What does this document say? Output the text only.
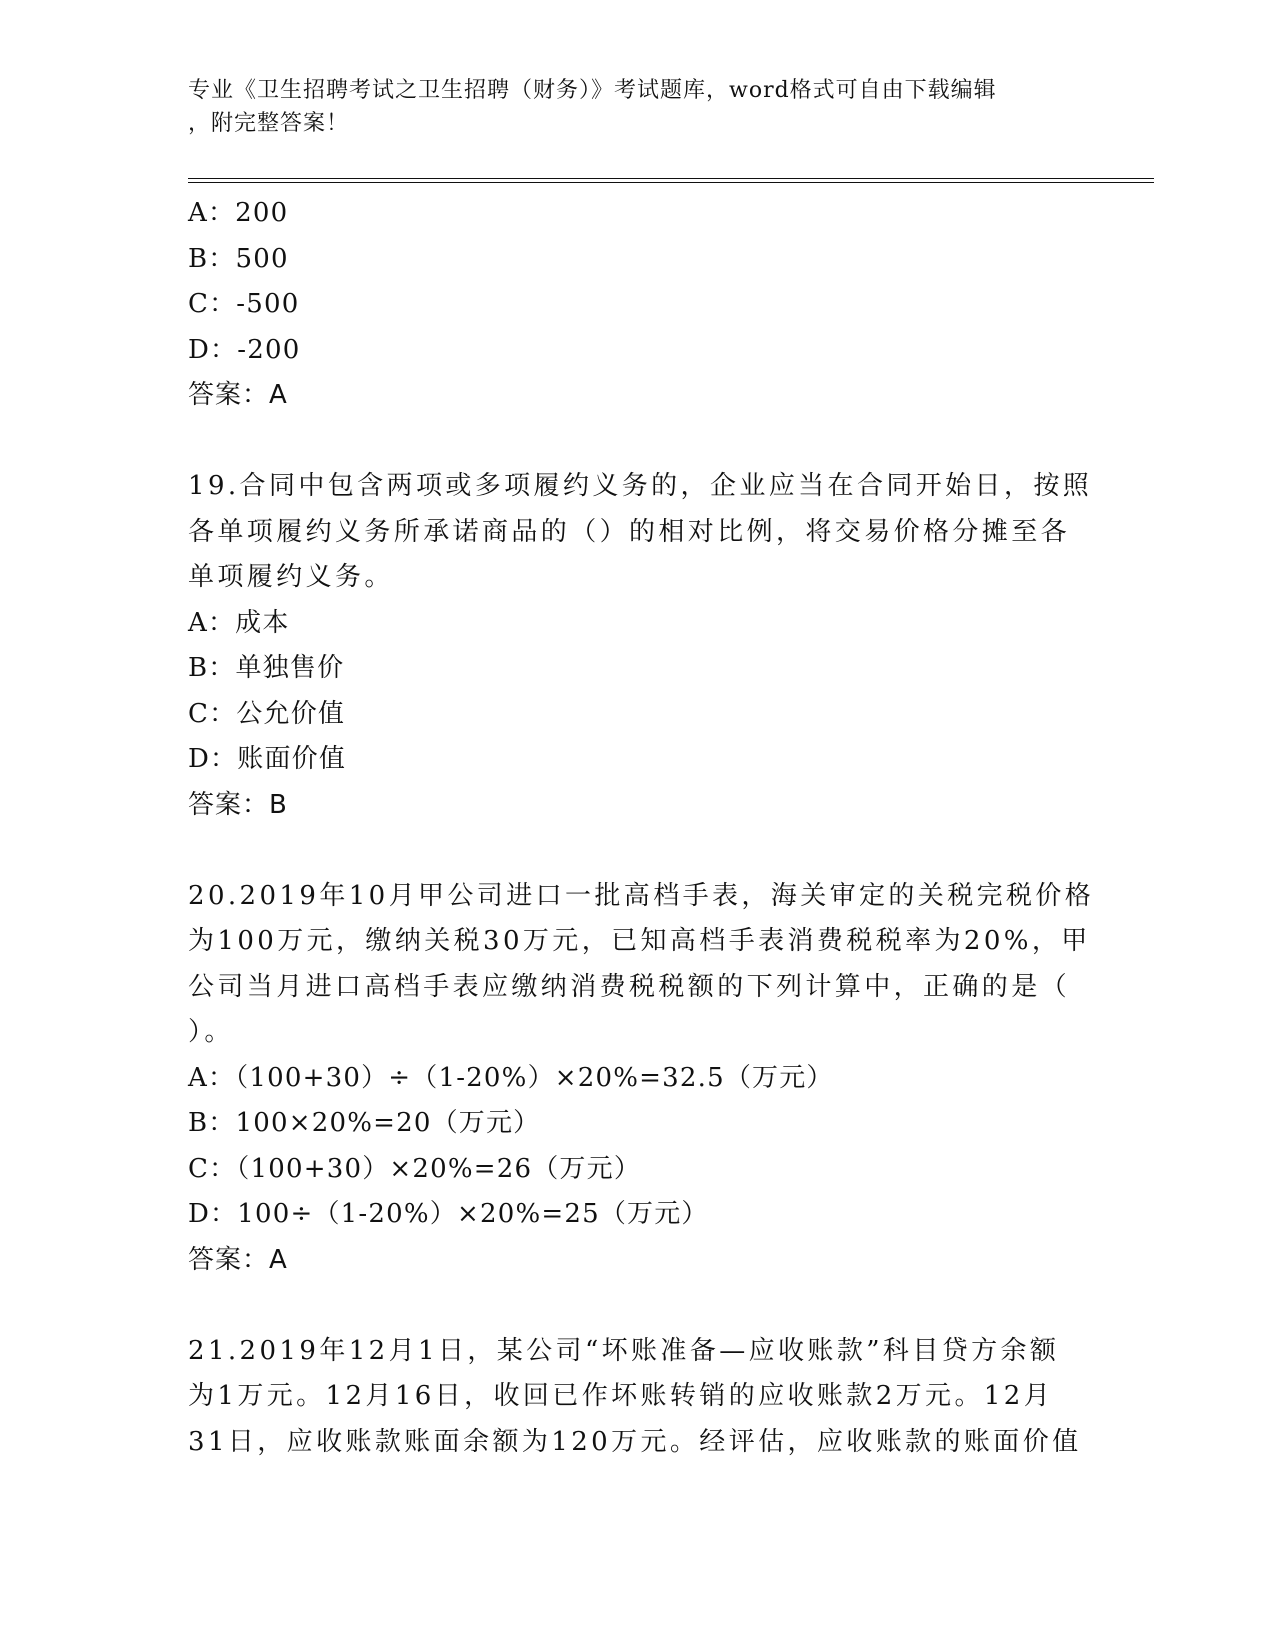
专业《卫生招聘考试之卫生招聘（财务）》考试题库，word格式可自由下载编辑
，附完整答案！
A：200
B：500
C：-500
D：-200
答案：A
19.合同中包含两项或多项履约义务的，企业应当在合同开始日，按照
各单项履约义务所承诺商品的（）的相对比例，将交易价格分摊至各
单项履约义务。
A：成本
B：单独售价
C：公允价值
D：账面价值
答案：B
20.2019年10月甲公司进口一批高档手表，海关审定的关税完税价格
为100万元，缴纳关税30万元，已知高档手表消费税税率为20%，甲
公司当月进口高档手表应缴纳消费税税额的下列计算中，正确的是（
）。
A：（100+30）÷（1-20%）×20%=32.5（万元）
B：100×20%=20（万元）
C：（100+30）×20%=26（万元）
D：100÷（1-20%）×20%=25（万元）
答案：A
21.2019年12月1日，某公司“坏账准备—应收账款”科目贷方余额
为1万元。12月16日，收回已作坏账转销的应收账款2万元。12月
31日，应收账款账面余额为120万元。经评估，应收账款的账面价值
